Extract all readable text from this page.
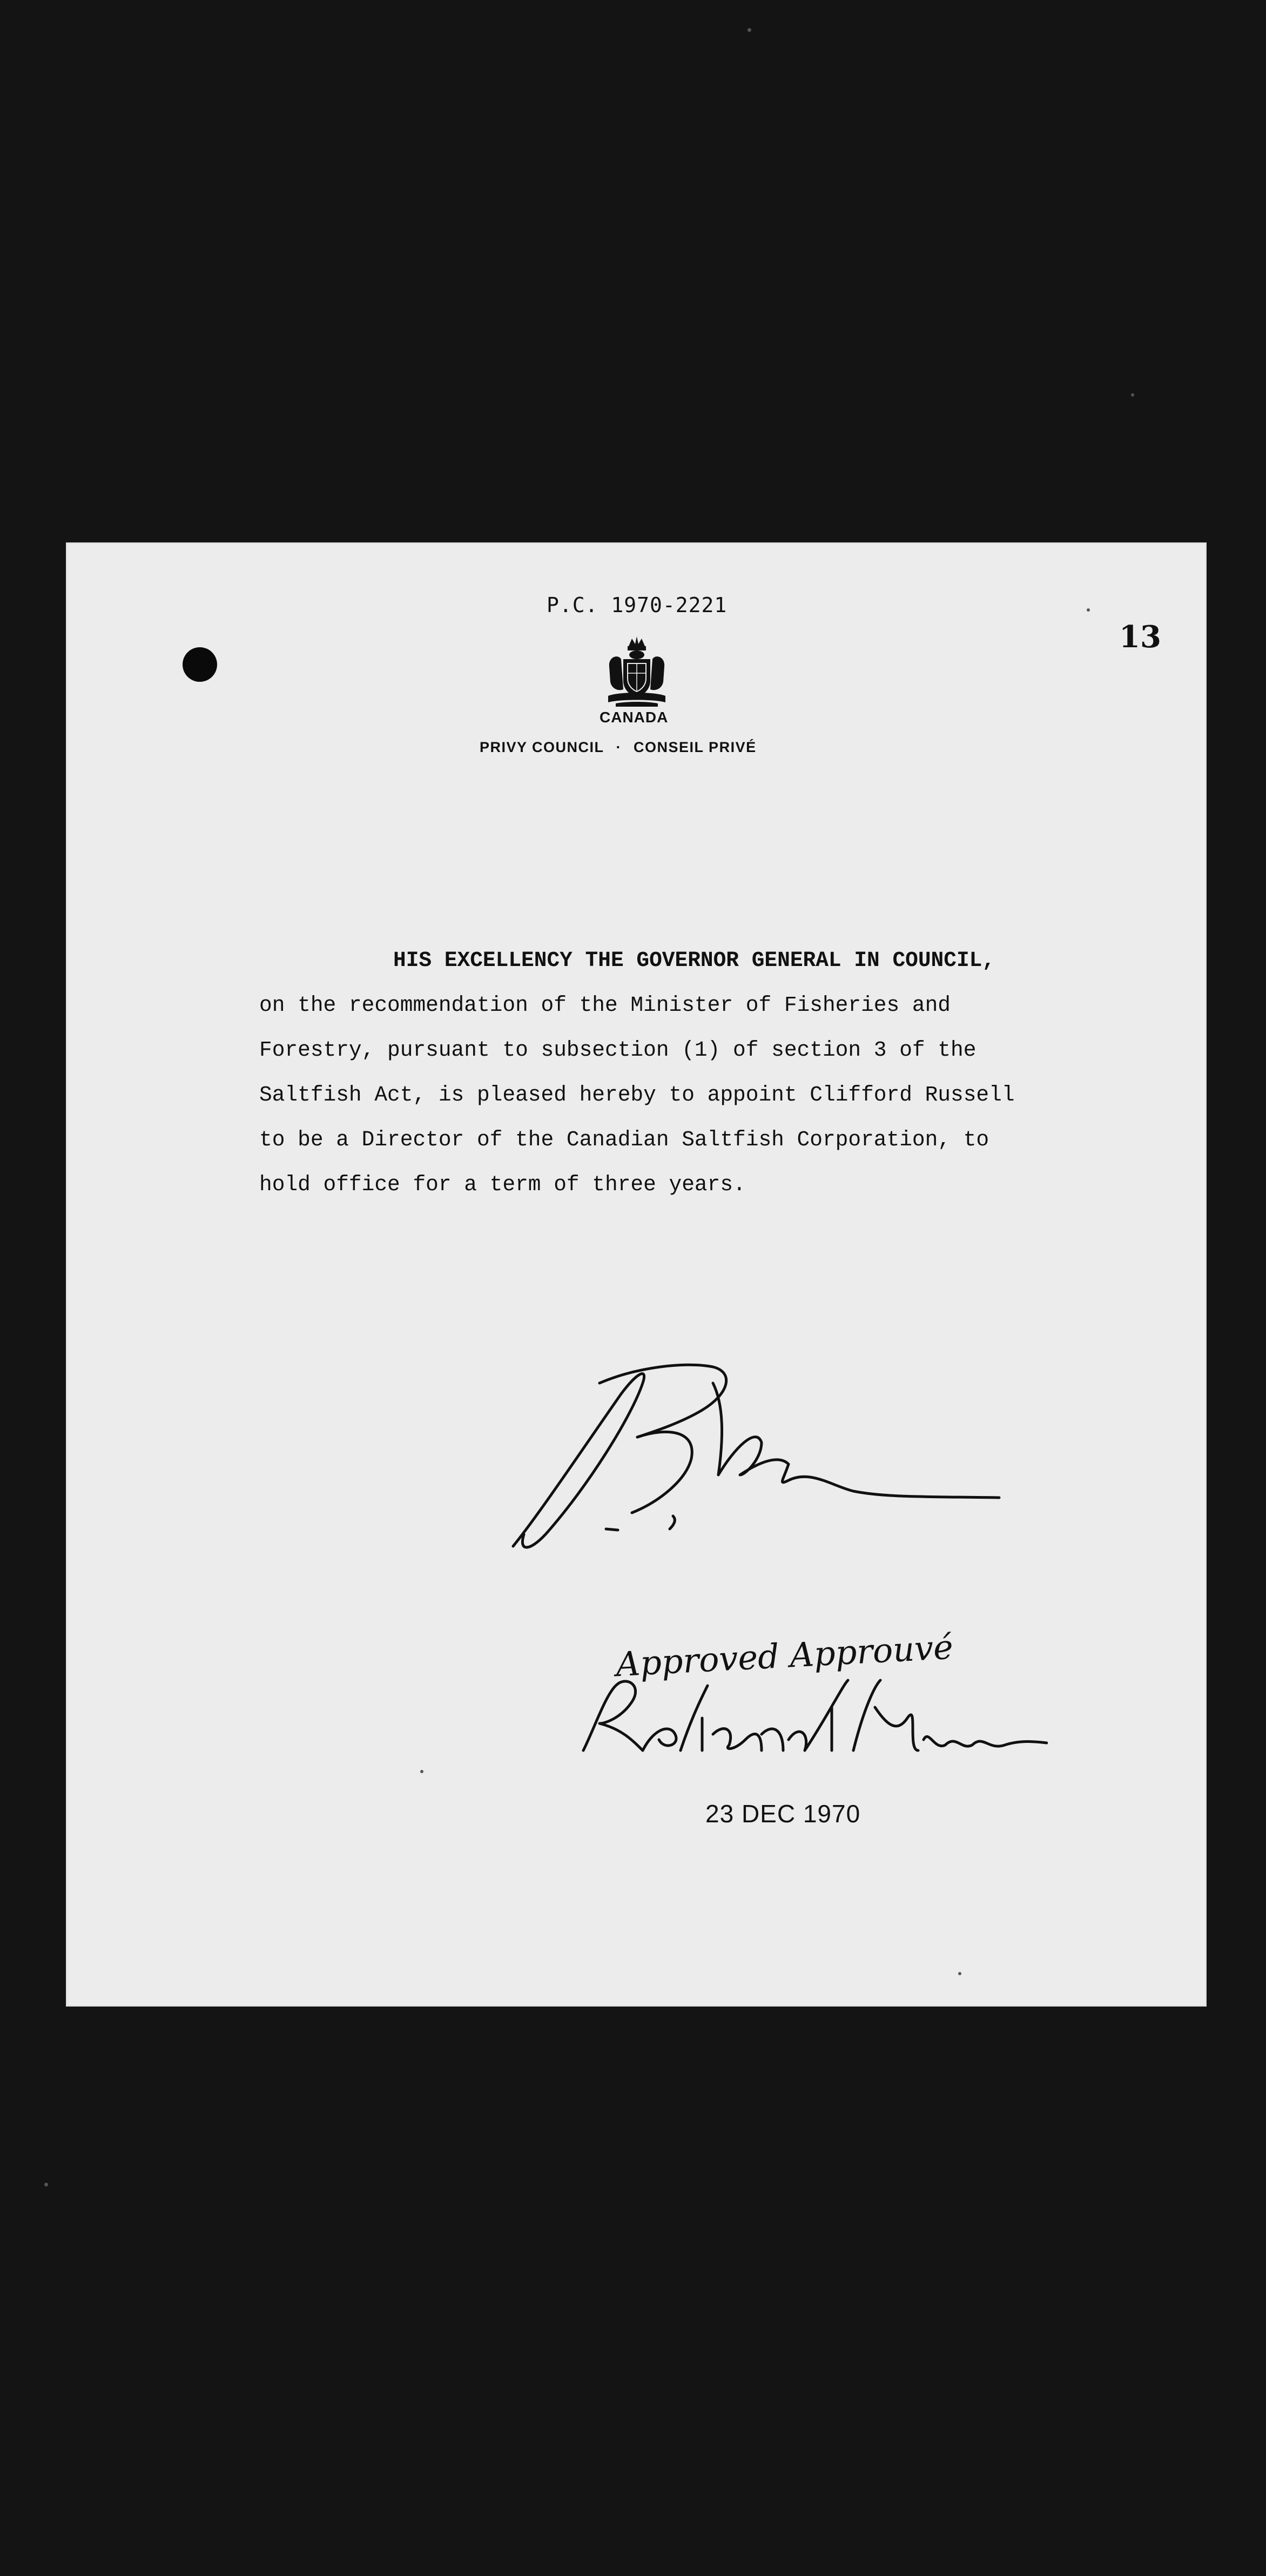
P.C. 1970-2221
13
CANADA
PRIVY COUNCIL · CONSEIL PRIVÉ
HIS EXCELLENCY THE GOVERNOR GENERAL IN COUNCIL,
on the recommendation of the Minister of Fisheries and
Forestry, pursuant to subsection (1) of section 3 of the
Saltfish Act, is pleased hereby to appoint Clifford Russell
to be a Director of the Canadian Saltfish Corporation, to
hold office for a term of three years.
Approved Approuvé
23 DEC 1970
